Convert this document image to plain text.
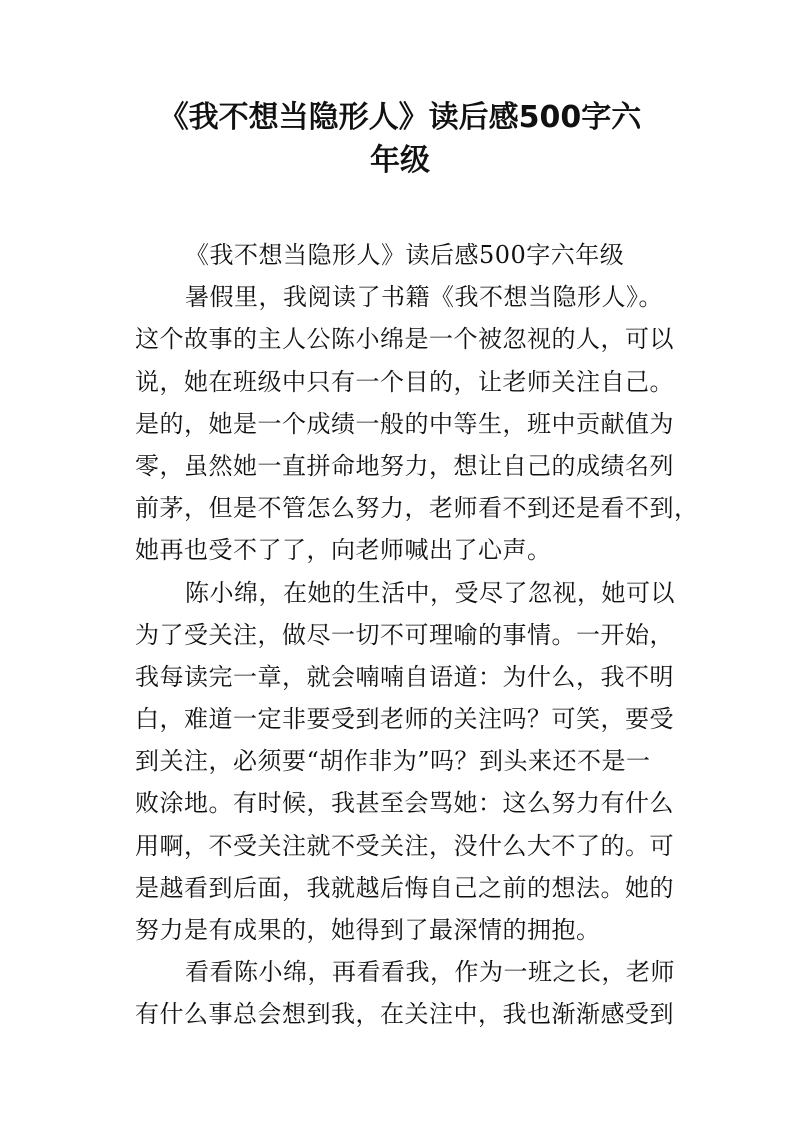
《我不想当隐形人》读后感500字六
年级
《我不想当隐形人》读后感500字六年级
暑假里，我阅读了书籍《我不想当隐形人》。
这个故事的主人公陈小绵是一个被忽视的人，可以
说，她在班级中只有一个目的，让老师关注自己。
是的，她是一个成绩一般的中等生，班中贡献值为
零，虽然她一直拼命地努力，想让自己的成绩名列
前茅，但是不管怎么努力，老师看不到还是看不到，
她再也受不了了，向老师喊出了心声。
陈小绵，在她的生活中，受尽了忽视，她可以
为了受关注，做尽一切不可理喻的事情。一开始，
我每读完一章，就会喃喃自语道：为什么，我不明
白，难道一定非要受到老师的关注吗？可笑，要受
到关注，必须要“胡作非为”吗？到头来还不是一
败涂地。有时候，我甚至会骂她：这么努力有什么
用啊，不受关注就不受关注，没什么大不了的。可
是越看到后面，我就越后悔自己之前的想法。她的
努力是有成果的，她得到了最深情的拥抱。
看看陈小绵，再看看我，作为一班之长，老师
有什么事总会想到我，在关注中，我也渐渐感受到
